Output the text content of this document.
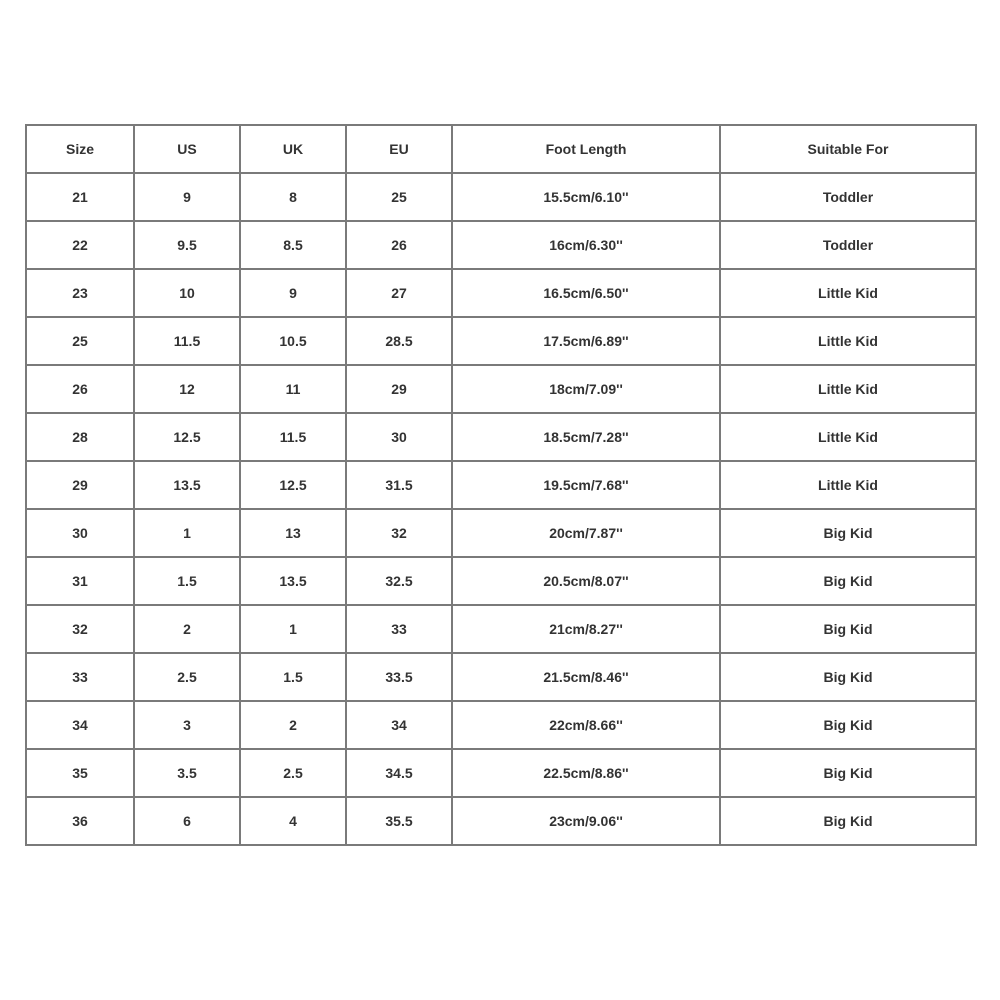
Size	US	UK	EU	Foot Length	Suitable For
21	9	8	25	15.5cm/6.10''	Toddler
22	9.5	8.5	26	16cm/6.30''	Toddler
23	10	9	27	16.5cm/6.50''	Little Kid
25	11.5	10.5	28.5	17.5cm/6.89''	Little Kid
26	12	11	29	18cm/7.09''	Little Kid
28	12.5	11.5	30	18.5cm/7.28''	Little Kid
29	13.5	12.5	31.5	19.5cm/7.68''	Little Kid
30	1	13	32	20cm/7.87''	Big Kid
31	1.5	13.5	32.5	20.5cm/8.07''	Big Kid
32	2	1	33	21cm/8.27''	Big Kid
33	2.5	1.5	33.5	21.5cm/8.46''	Big Kid
34	3	2	34	22cm/8.66''	Big Kid
35	3.5	2.5	34.5	22.5cm/8.86''	Big Kid
36	6	4	35.5	23cm/9.06''	Big Kid
